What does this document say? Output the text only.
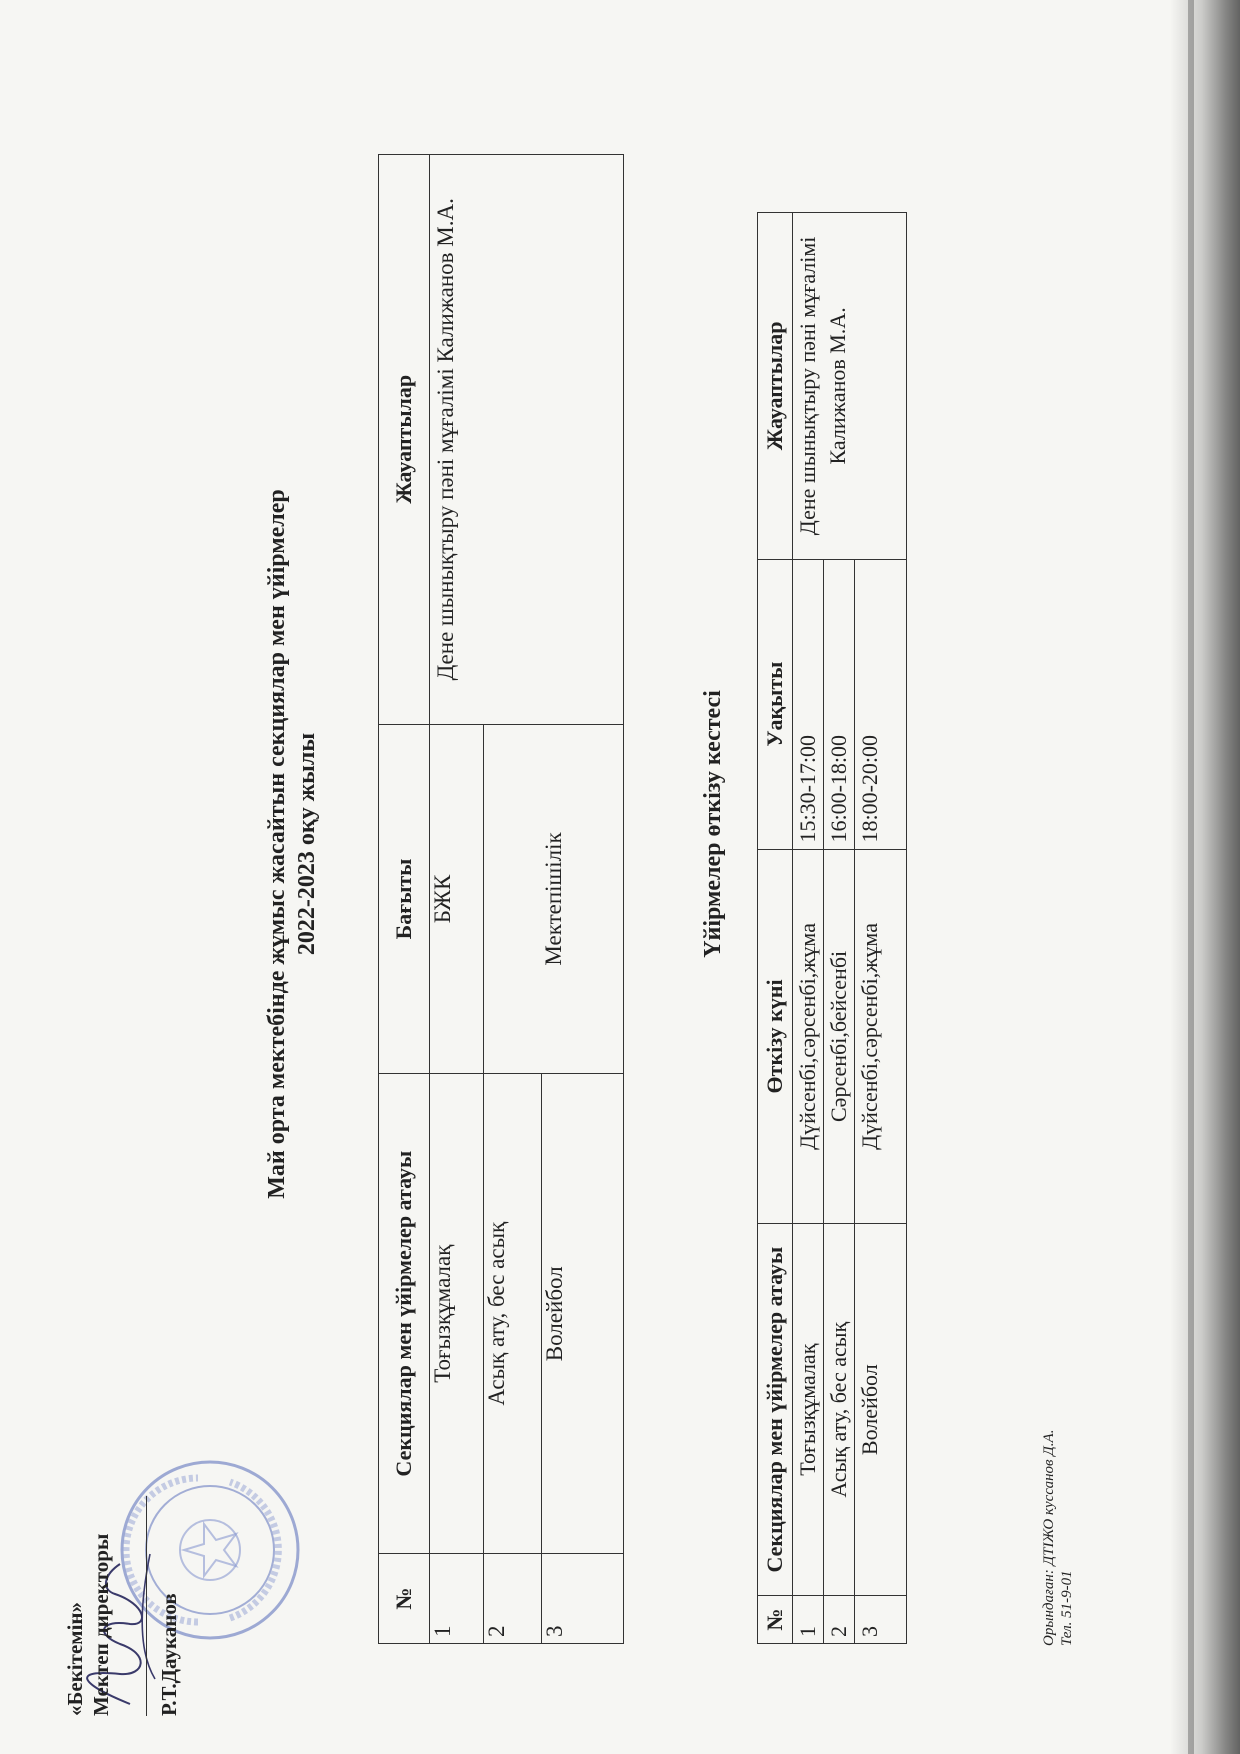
«Бекітемін» Мектеп директоры Р.Т.Дауканов
Май орта мектебінде жұмыс жасайтын секциялар мен үйірмелер 2022-2023 оқу жылы
№	Секциялар мен үйірмелер атауы	Бағыты	Жауаптылар
1	Тоғызқұмалақ	БЖК	Дене шынықтыру пәні мұғалімі Калижанов М.А.
2	Асық ату, бес асық	Мектепішілік	
3	Волейбол		
Үйірмелер өткізу кестесі
№	Секциялар мен үйірмелер атауы	Өткізу күні	Уақыты	Жауаптылар
1	Тоғызқұмалақ	Дүйсенбі,сәрсенбі,жұма	15:30-17:00	Дене шынықтыру пәні мұғалімі Калижанов М.А.
2	Асық ату, бес асық	Сәрсенбі,бейсенбі	16:00-18:00	
3	Волейбол	Дүйсенбі,сәрсенбі,жұма	18:00-20:00	
Орындаған: ДТІЖО куссанов Д.А. Тел. 51-9-01
